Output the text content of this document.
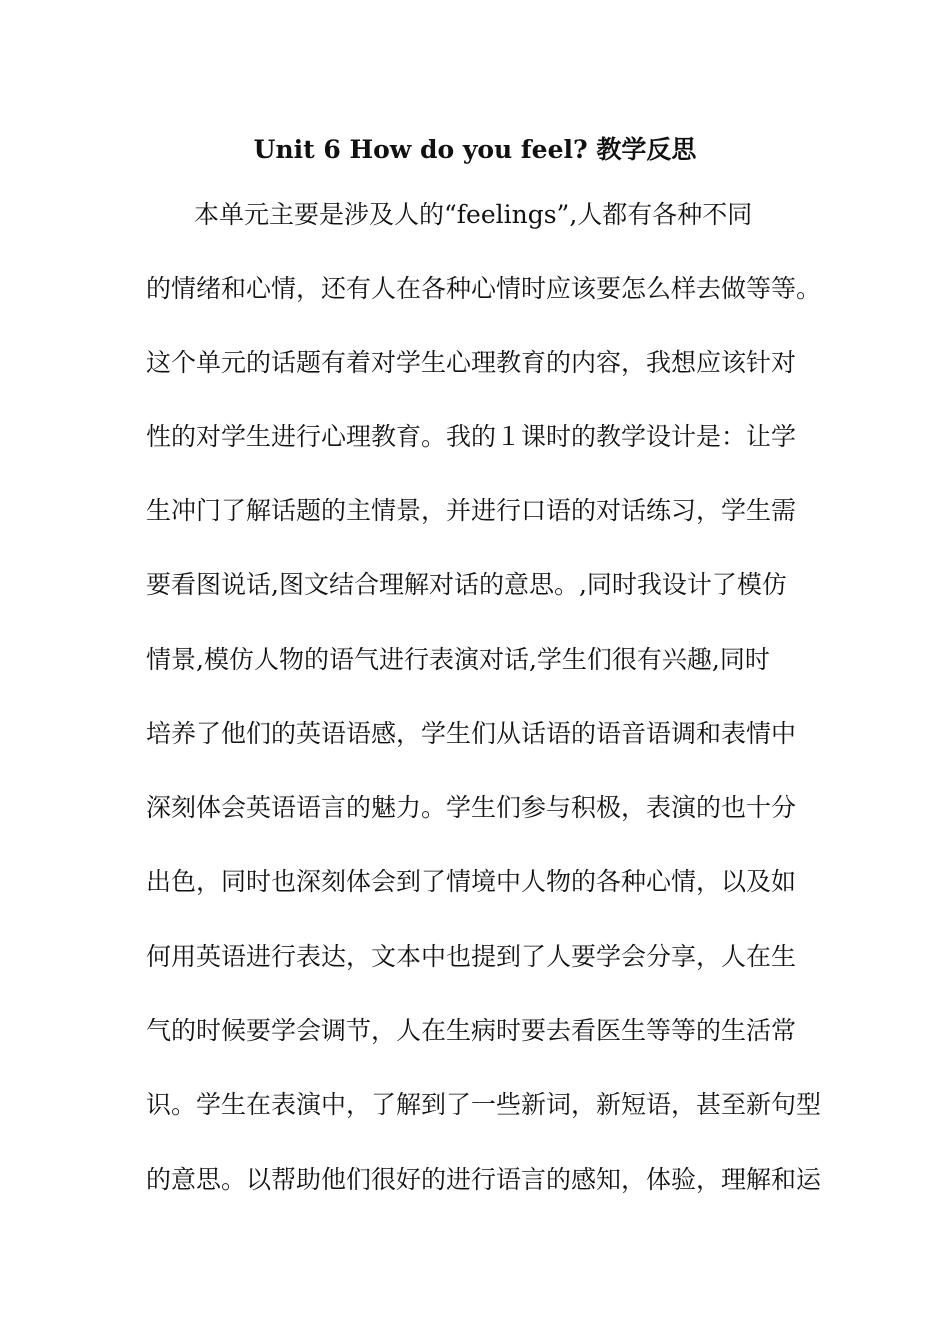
Unit 6 How do you feel? 教学反思
本单元主要是涉及人的“feelings”,人都有各种不同
的情绪和心情，还有人在各种心情时应该要怎么样去做等等。
这个单元的话题有着对学生心理教育的内容，我想应该针对
性的对学生进行心理教育。我的１课时的教学设计是：让学
生冲门了解话题的主情景，并进行口语的对话练习，学生需
要看图说话,图文结合理解对话的意思。,同时我设计了模仿
情景,模仿人物的语气进行表演对话,学生们很有兴趣,同时
培养了他们的英语语感，学生们从话语的语音语调和表情中
深刻体会英语语言的魅力。学生们参与积极，表演的也十分
出色，同时也深刻体会到了情境中人物的各种心情，以及如
何用英语进行表达，文本中也提到了人要学会分享，人在生
气的时候要学会调节，人在生病时要去看医生等等的生活常
识。学生在表演中，了解到了一些新词，新短语，甚至新句型
的意思。以帮助他们很好的进行语言的感知，体验，理解和运
